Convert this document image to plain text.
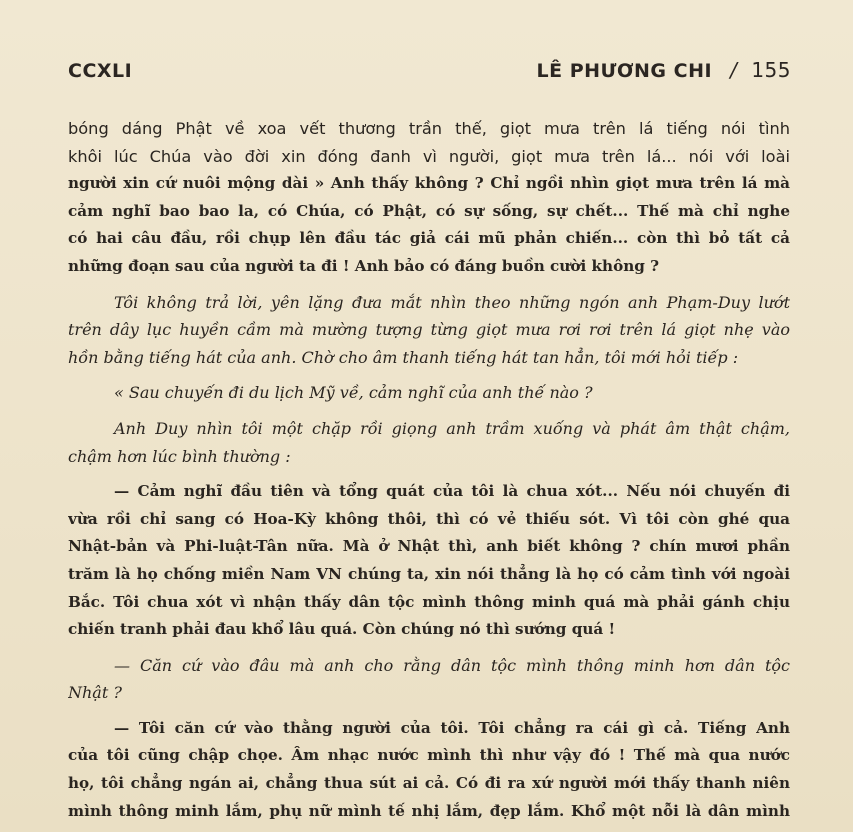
CCXLI	LÊ PHƯƠNG CHI / 155
bóng dáng Phật về xoa vết thương trần thế, giọt mưa trên lá tiếng nói tình
khôi lúc Chúa vào đời xin đóng đanh vì người, giọt mưa trên lá... nói với loài
người xin cứ nuôi mộng dài » Anh thấy không ? Chỉ ngồi nhìn giọt mưa trên lá mà
cảm nghĩ bao bao la, có Chúa, có Phật, có sự sống, sự chết... Thế mà chỉ nghe
có hai câu đầu, rồi chụp lên đầu tác giả cái mũ phản chiến... còn thì bỏ tất cả
những đoạn sau của người ta đi ! Anh bảo có đáng buồn cười không ?
Tôi không trả lời, yên lặng đưa mắt nhìn theo những ngón anh Phạm-Duy lướt
trên dây lục huyền cầm mà mường tượng từng giọt mưa rơi rơi trên lá giọt nhẹ vào
hồn bằng tiếng hát của anh. Chờ cho âm thanh tiếng hát tan hẳn, tôi mới hỏi tiếp :
« Sau chuyến đi du lịch Mỹ về, cảm nghĩ của anh thế nào ?
Anh Duy nhìn tôi một chặp rồi giọng anh trầm xuống và phát âm thật chậm,
chậm hơn lúc bình thường :
— Cảm nghĩ đầu tiên và tổng quát của tôi là chua xót... Nếu nói chuyến đi
vừa rồi chỉ sang có Hoa-Kỳ không thôi, thì có vẻ thiếu sót. Vì tôi còn ghé qua
Nhật-bản và Phi-luật-Tân nữa. Mà ở Nhật thì, anh biết không ? chín mươi phần
trăm là họ chống miền Nam VN chúng ta, xin nói thẳng là họ có cảm tình với ngoài
Bắc. Tôi chua xót vì nhận thấy dân tộc mình thông minh quá mà phải gánh chịu
chiến tranh phải đau khổ lâu quá. Còn chúng nó thì sướng quá !
— Căn cứ vào đâu mà anh cho rằng dân tộc mình thông minh hơn dân tộc
Nhật ?
— Tôi căn cứ vào thằng người của tôi. Tôi chẳng ra cái gì cả. Tiếng Anh
của tôi cũng chập chọe. Âm nhạc nước mình thì như vậy đó ! Thế mà qua nước
họ, tôi chẳng ngán ai, chẳng thua sút ai cả. Có đi ra xứ người mới thấy thanh niên
mình thông minh lắm, phụ nữ mình tế nhị lắm, đẹp lắm. Khổ một nỗi là dân mình
